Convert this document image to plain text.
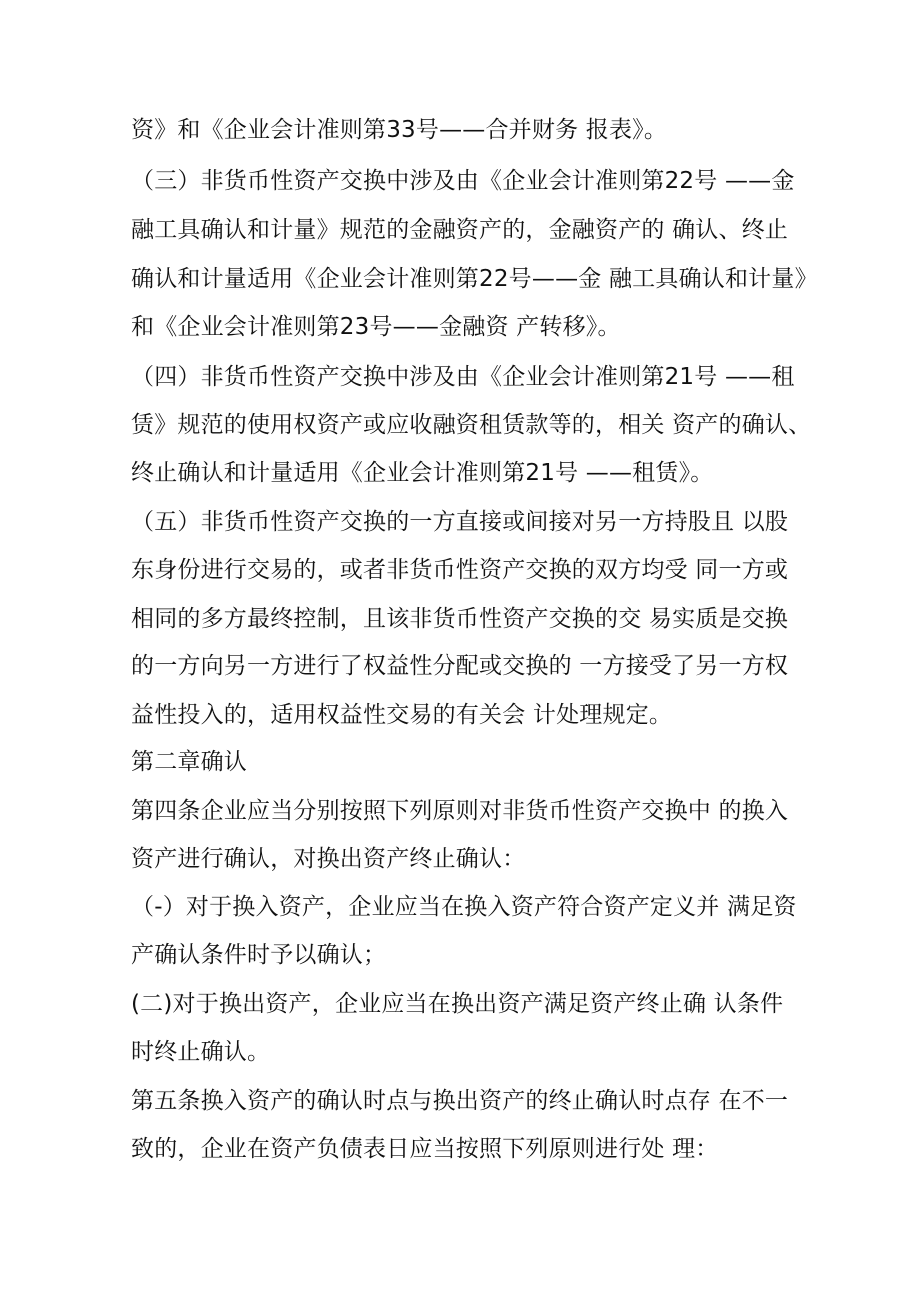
资》和《企业会计准则第33号——合并财务 报表》。
（三）非货币性资产交换中涉及由《企业会计准则第22号 ——金
融工具确认和计量》规范的金融资产的，金融资产的 确认、终止
确认和计量适用《企业会计准则第22号——金 融工具确认和计量》
和《企业会计准则第23号——金融资 产转移》。
（四）非货币性资产交换中涉及由《企业会计准则第21号 ——租
赁》规范的使用权资产或应收融资租赁款等的，相关 资产的确认、
终止确认和计量适用《企业会计准则第21号 ——租赁》。
（五）非货币性资产交换的一方直接或间接对另一方持股且 以股
东身份进行交易的，或者非货币性资产交换的双方均受 同一方或
相同的多方最终控制，且该非货币性资产交换的交 易实质是交换
的一方向另一方进行了权益性分配或交换的 一方接受了另一方权
益性投入的，适用权益性交易的有关会 计处理规定。
第二章确认
第四条企业应当分别按照下列原则对非货币性资产交换中 的换入
资产进行确认，对换出资产终止确认：
（-）对于换入资产，企业应当在换入资产符合资产定义并 满足资
产确认条件时予以确认；
(二)对于换出资产，企业应当在换出资产满足资产终止确 认条件
时终止确认。
第五条换入资产的确认时点与换出资产的终止确认时点存 在不一
致的，企业在资产负债表日应当按照下列原则进行处 理：
